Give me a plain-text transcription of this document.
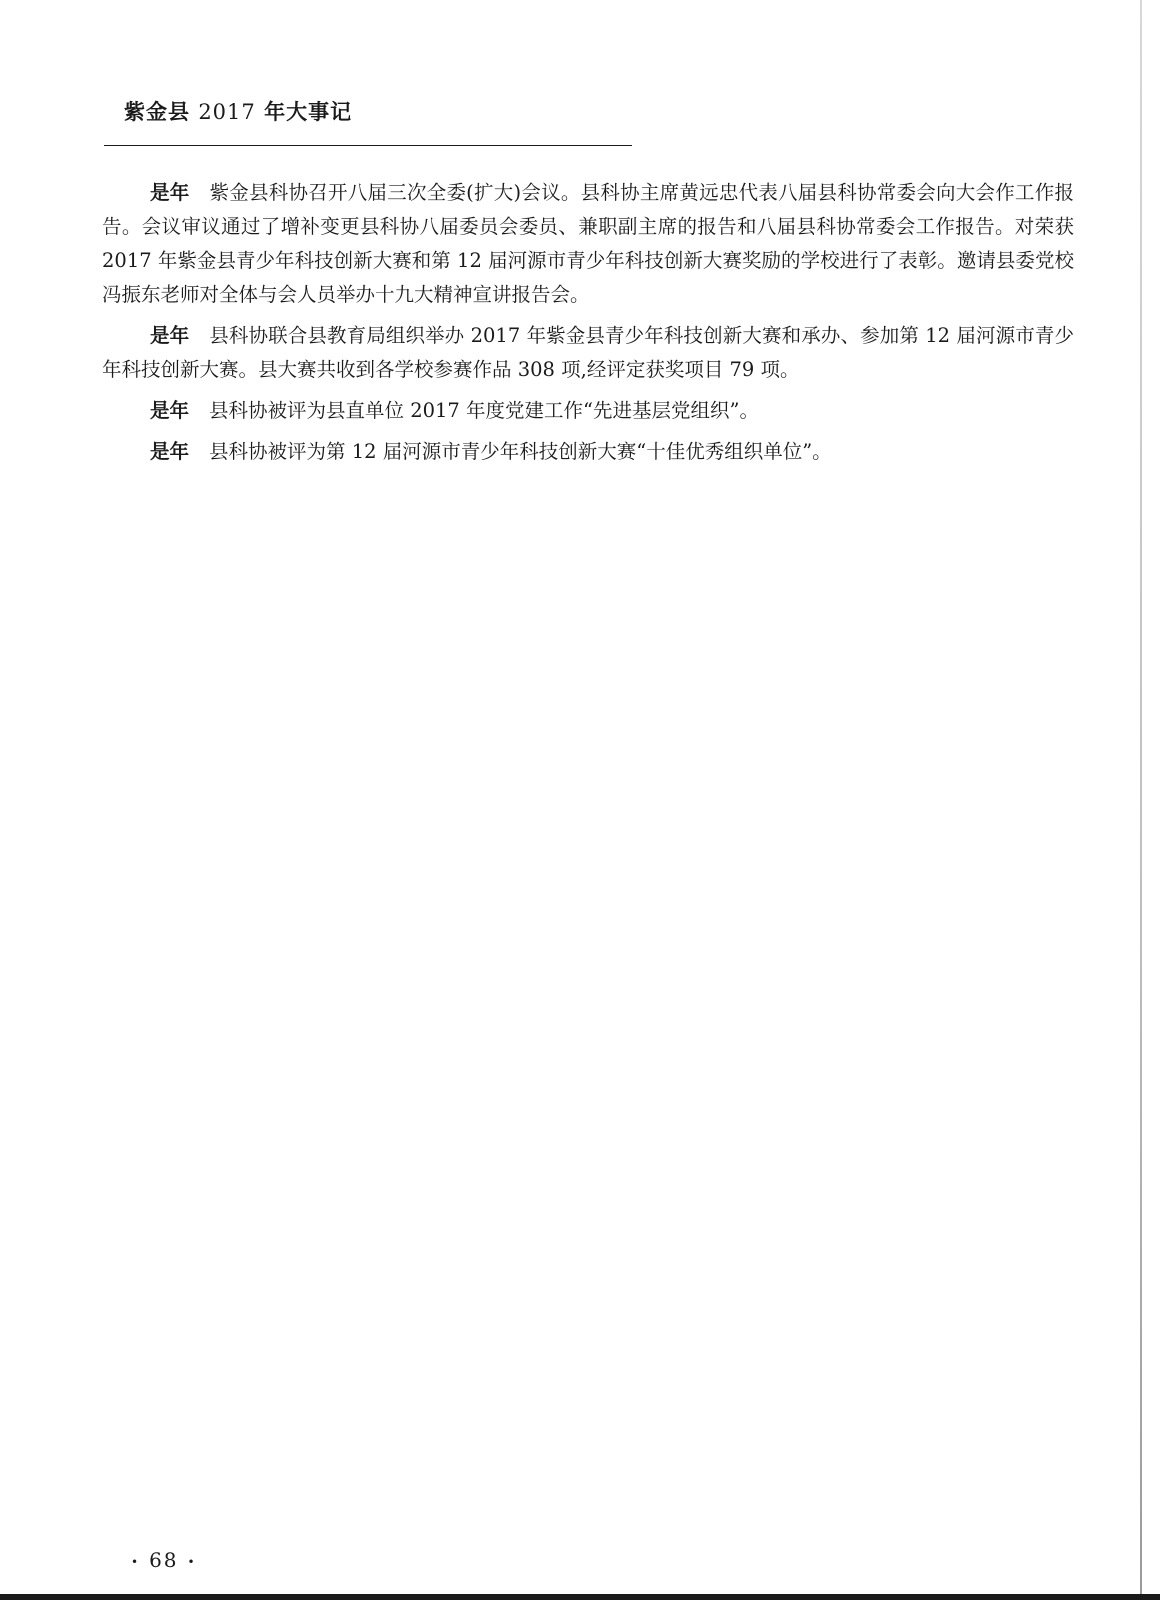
紫金县 2017 年大事记

是年 紫金县科协召开八届三次全委(扩大)会议。县科协主席黄远忠代表八届县科协常委会向大会作工作报告。会议审议通过了增补变更县科协八届委员会委员、兼职副主席的报告和八届县科协常委会工作报告。对荣获 2017 年紫金县青少年科技创新大赛和第 12 届河源市青少年科技创新大赛奖励的学校进行了表彰。邀请县委党校冯振东老师对全体与会人员举办十九大精神宣讲报告会。

是年 县科协联合县教育局组织举办 2017 年紫金县青少年科技创新大赛和承办、参加第 12 届河源市青少年科技创新大赛。县大赛共收到各学校参赛作品 308 项,经评定获奖项目 79 项。

是年 县科协被评为县直单位 2017 年度党建工作“先进基层党组织”。

是年 县科协被评为第 12 届河源市青少年科技创新大赛“十佳优秀组织单位”。

• 68 •
